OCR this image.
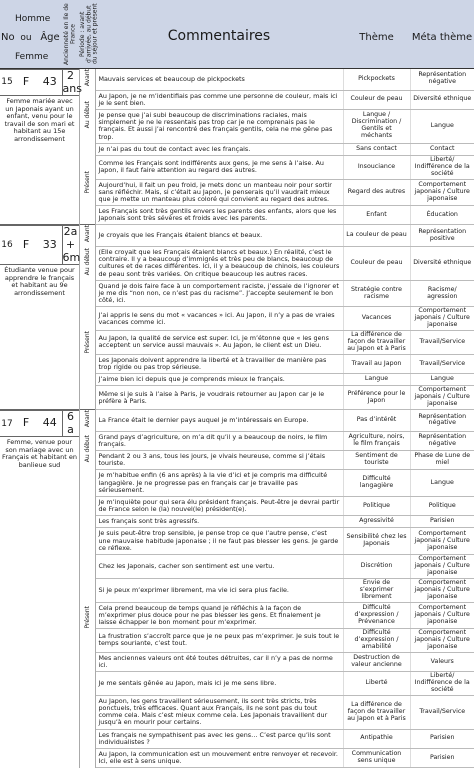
No	Homme ou Femme	Âge	Ancienneté en Ile de France	Période : avant d’arrivée, au début du séjour et présent	Commentaires	Thème	Méta thème

15	F	43	2 ans
Femme mariée avec un Japonais ayant un enfant, venu pour le travail de son mari et habitant au 15e arrondissement
	Avant	Mauvais services et beaucoup de pickpockets	Pickpockets	Représentation négative
Au début	Au Japon, je ne m’identifiais pas comme une personne de couleur, mais ici je le sent bien.	Couleur de peau	Diversité ethnique
Je pense que j’ai subi beaucoup de discriminations raciales, mais simplement je ne le ressentais pas trop car je ne comprenais pas le français. Et aussi j’ai rencontré des français gentils, cela ne me gêne pas trop.	Langue / Discrimination / Gentils et méchants	Langue
Présent	Je n’ai pas du tout de contact avec les français.	Sans contact	Contact
Comme les Français sont indifférents aux gens, je me sens à l’aise. Au Japon, il faut faire attention au regard des autres.	Insouciance	Liberté/ Indifférence de la société
Aujourd’hui, il fait un peu froid, je mets donc un manteau noir pour sortir sans réfléchir. Mais, si c’était au Japon, je penserais qu’il vaudrait mieux que je mette un manteau plus coloré qui convient au regard des autres.	Regard des autres	Comportement japonais / Culture japonaise
Les Français sont très gentils envers les parents des enfants, alors que les Japonais sont très sévères et froids avec les parents.	Enfant	Éducation

16	F	33	2a + 6m
Étudiante venue pour apprendre le français et habitant au 9e arrondissement
	Avant	Je croyais que les Français étaient blancs et beaux.	La couleur de peau	Représentation positive
Au début	(Elle croyait que les Français étaient blancs et beaux.) En réalité, c’est le contraire. Il y a beaucoup d’immigrés et très peu de blancs, beaucoup de cultures et de races différentes. Ici, il y a beaucoup de chinois, les couleurs de peau sont très variées. On critique beaucoup les autres races.	Couleur de peau	Diversité ethnique
Présent	Quand je dois faire face à un comportement raciste, j’essaie de l’ignorer et je me dis “non non, ce n’est pas du racisme”. J’accepte seulement le bon côté, ici.	Stratégie contre racisme	Racisme/ agression
J’ai appris le sens du mot « vacances » ici. Au Japon, il n’y a pas de vraies vacances comme ici.	Vacances	Comportement japonais / Culture japonaise
Au Japon, la qualité de service est super. Ici, je m’étonne que « les gens acceptent un service aussi mauvais ». Au Japon, le client est un Dieu.	La différence de façon de travailler au Japon et à Paris	Travail/Service
Les Japonais doivent apprendre la liberté et à travailler de manière pas trop rigide ou pas trop sérieuse.	Travail au Japon	Travail/Service
J’aime bien ici depuis que je comprends mieux le français.	Langue	Langue
Même si je suis à l’aise à Paris, je voudrais retourner au Japon car je le préfère à Paris.	Préférence pour le Japon	Comportement japonais / Culture japonaise

17	F	44	6 a
Femme, venue pour son mariage avec un Français et habitant en banlieue sud
	Avant	La France était le dernier pays auquel je m’intéressais en Europe.	Pas d’intérêt	Représentation négative
Au début	Grand pays d’agriculture, on m’a dit qu’il y a beaucoup de noirs, le film français.	Agriculture, noirs, le film français	Représentation négative
Pendant 2 ou 3 ans, tous les jours, je vivais heureuse, comme si j’étais touriste.	Sentiment de touriste	Phase de Lune de miel
Présent	Je m’habitue enfin (6 ans après) à la vie d’ici et je compris ma difficulté langagière. Je ne progresse pas en français car je travaille pas sérieusement.	Difficulté langagière	Langue
Je m’inquiète pour qui sera élu président français. Peut-être je devrai partir de France selon le (la) nouvel(le) président(e).	Politique	Politique
Les français sont très agressifs.	Agressivité	Parisien
Je suis peut-être trop sensible, je pense trop ce que l’autre pense, c’est une mauvaise habitude japonaise ; il ne faut pas blesser les gens. Je garde ce réflexe.	Sensibilité chez les Japonais	Comportement japonais / Culture japonaise
Chez les Japonais, cacher son sentiment est une vertu.	Discrétion	Comportement japonais / Culture japonaise
Si je peux m’exprimer librement, ma vie ici sera plus facile.	Envie de s’exprimer librement	Comportement japonais / Culture japonaise
Cela prend beaucoup de temps quand je réfléchis à la façon de m’exprimer plus douce pour ne pas blesser les gens. Et finalement je laisse échapper le bon moment pour m’exprimer.	Difficulté d’expression / Prévenance	Comportement japonais / Culture japonaise
La frustration s’accroît parce que je ne peux pas m’exprimer. Je suis tout le temps souriante, c’est tout.	Difficulté d’expression / amabilité	Comportement japonais / Culture japonaise
Mes anciennes valeurs ont été toutes détruites, car il n’y a pas de norme ici.	Destruction de valeur ancienne	Valeurs
Je me sentais gênée au Japon, mais ici je me sens libre.	Liberté	Liberté/ Indifférence de la société
Au Japon, les gens travaillent sérieusement, ils sont très stricts, très ponctuels, très efficaces. Quant aux Français, ils ne sont pas du tout comme cela. Mais c’est mieux comme cela. Les Japonais travaillent dur jusqu’à en mourir pour certains.	La différence de façon de travailler au Japon et à Paris	Travail/Service
Les français ne sympathisent pas avec les gens… C’est parce qu’ils sont individualistes ?	Antipathie	Parisien
Au Japon, la communication est un mouvement entre renvoyer et recevoir. Ici, elle est à sens unique.	Communication sens unique	Parisien
